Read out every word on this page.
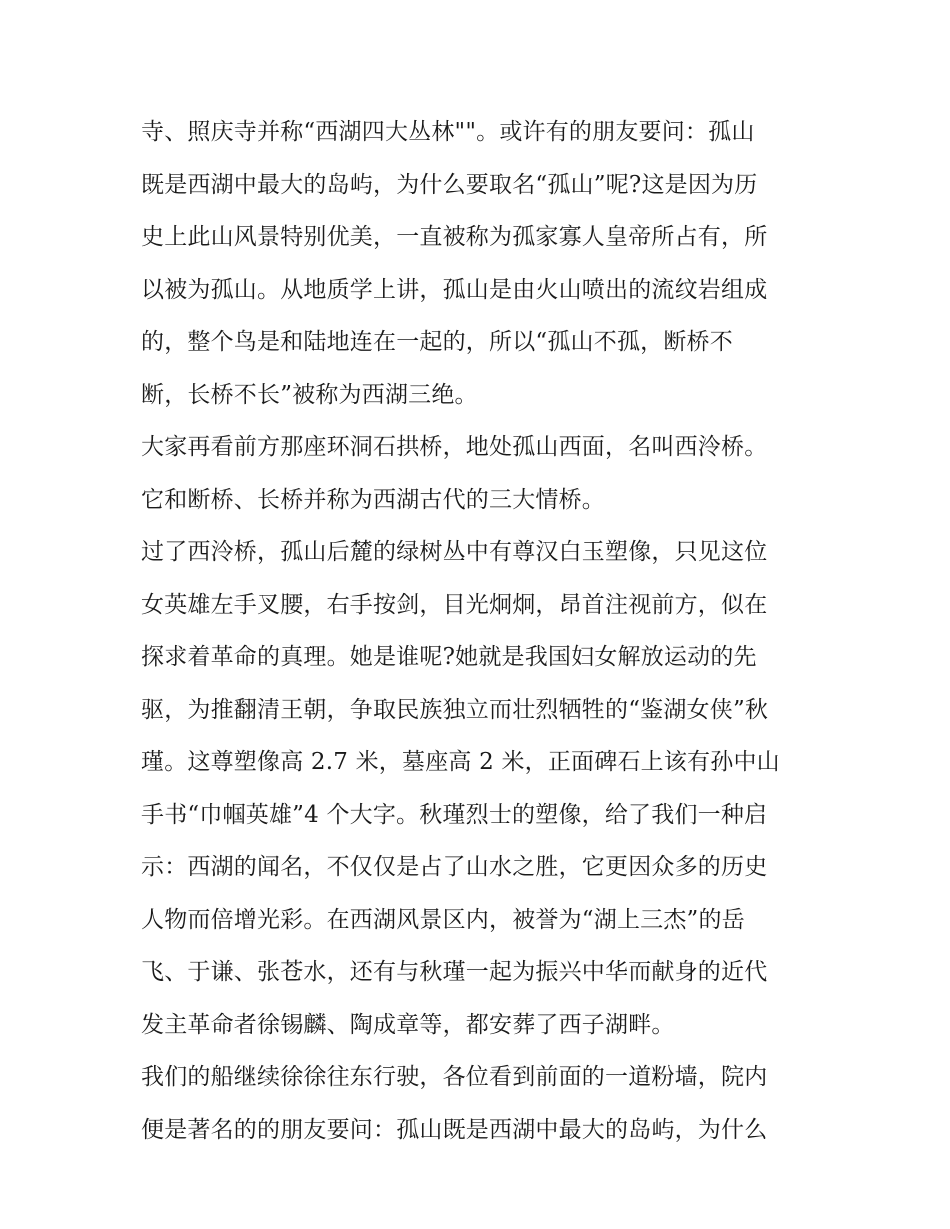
寺、照庆寺并称“西湖四大丛林""。或许有的朋友要问：孤山
既是西湖中最大的岛屿，为什么要取名“孤山”呢?这是因为历
史上此山风景特别优美，一直被称为孤家寡人皇帝所占有，所
以被为孤山。从地质学上讲，孤山是由火山喷出的流纹岩组成
的，整个鸟是和陆地连在一起的，所以“孤山不孤，断桥不
断，长桥不长”被称为西湖三绝。
大家再看前方那座环洞石拱桥，地处孤山西面，名叫西泠桥。
它和断桥、长桥并称为西湖古代的三大情桥。
过了西泠桥，孤山后麓的绿树丛中有尊汉白玉塑像，只见这位
女英雄左手叉腰，右手按剑，目光炯炯，昂首注视前方，似在
探求着革命的真理。她是谁呢?她就是我国妇女解放运动的先
驱，为推翻清王朝，争取民族独立而壮烈牺牲的“鉴湖女侠”秋
瑾。这尊塑像高 2.7 米，墓座高 2 米，正面碑石上该有孙中山
手书“巾帼英雄”4 个大字。秋瑾烈士的塑像，给了我们一种启
示：西湖的闻名，不仅仅是占了山水之胜，它更因众多的历史
人物而倍增光彩。在西湖风景区内，被誉为“湖上三杰”的岳
飞、于谦、张苍水，还有与秋瑾一起为振兴中华而献身的近代
发主革命者徐锡麟、陶成章等，都安葬了西子湖畔。
我们的船继续徐徐往东行驶，各位看到前面的一道粉墙，院内
便是著名的的朋友要问：孤山既是西湖中最大的岛屿，为什么
